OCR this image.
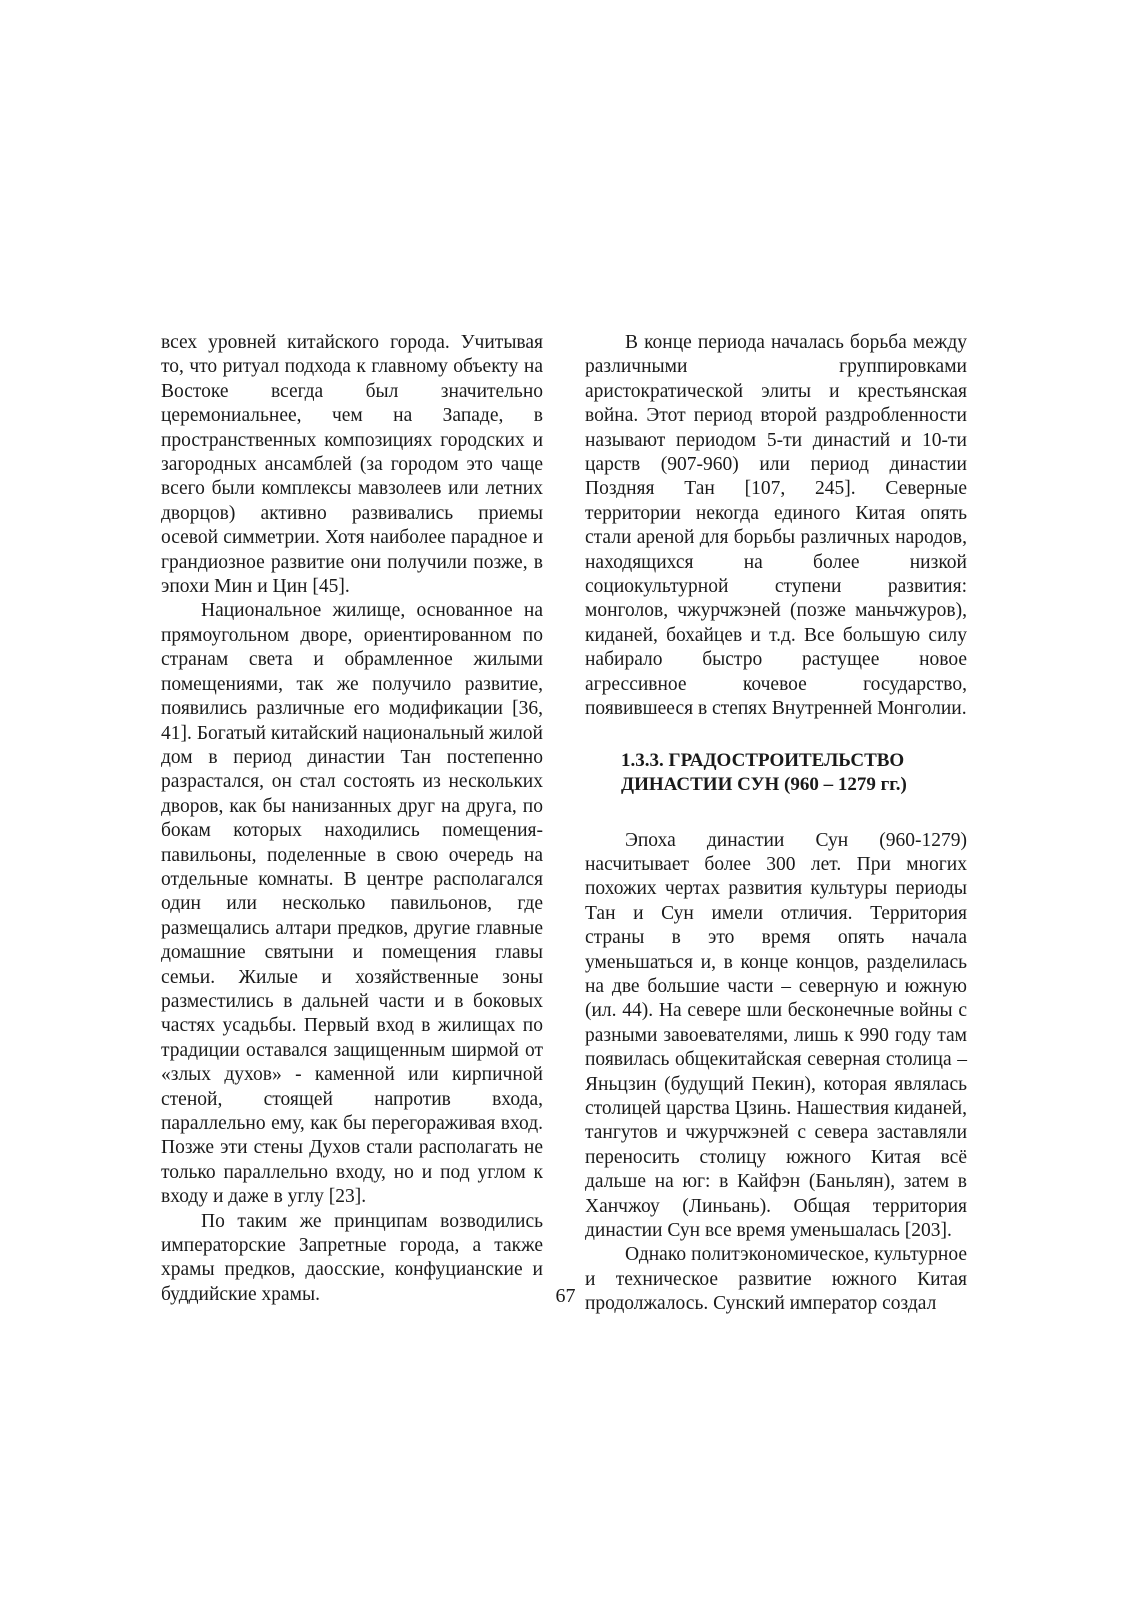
всех уровней китайского города. Учитывая то, что ритуал подхода к главному объекту на Востоке всегда был значительно церемониальнее, чем на Западе, в пространственных композициях городских и загородных ансамблей (за городом это чаще всего были комплексы мавзолеев или летних дворцов) активно развивались приемы осевой симметрии. Хотя наиболее парадное и грандиозное развитие они получили позже, в эпохи Мин и Цин [45].

Национальное жилище, основанное на прямоугольном дворе, ориентированном по странам света и обрамленное жилыми помещениями, так же получило развитие, появились различные его модификации [36, 41]. Богатый китайский национальный жилой дом в период династии Тан постепенно разрастался, он стал состоять из нескольких дворов, как бы нанизанных друг на друга, по бокам которых находились помещения-павильоны, поделенные в свою очередь на отдельные комнаты. В центре располагался один или несколько павильонов, где размещались алтари предков, другие главные домашние святыни и помещения главы семьи. Жилые и хозяйственные зоны разместились в дальней части и в боковых частях усадьбы. Первый вход в жилищах по традиции оставался защищенным ширмой от «злых духов» - каменной или кирпичной стеной, стоящей напротив входа, параллельно ему, как бы перегораживая вход. Позже эти стены Духов стали располагать не только параллельно входу, но и под углом к входу и даже в углу [23].

По таким же принципам возводились императорские Запретные города, а также храмы предков, даосские, конфуцианские и буддийские храмы.

В конце периода началась борьба между различными группировками аристократической элиты и крестьянская война. Этот период второй раздробленности называют периодом 5-ти династий и 10-ти царств (907-960) или период династии Поздняя Тан [107, 245]. Северные территории некогда единого Китая опять стали ареной для борьбы различных народов, находящихся на более низкой социокультурной ступени развития: монголов, чжурчжэней (позже маньчжуров), киданей, бохайцев и т.д. Все большую силу набирало быстро растущее новое агрессивное кочевое государство, появившееся в степях Внутренней Монголии.

1.3.3. ГРАДОСТРОИТЕЛЬСТВО
ДИНАСТИИ СУН (960 – 1279 гг.)

Эпоха династии Сун (960-1279) насчитывает более 300 лет. При многих похожих чертах развития культуры периоды Тан и Сун имели отличия. Территория страны в это время опять начала уменьшаться и, в конце концов, разделилась на две большие части – северную и южную (ил. 44). На севере шли бесконечные войны с разными завоевателями, лишь к 990 году там появилась общекитайская северная столица – Яньцзин (будущий Пекин), которая являлась столицей царства Цзинь. Нашествия киданей, тангутов и чжурчжэней с севера заставляли переносить столицу южного Китая всё дальше на юг: в Кайфэн (Баньлян), затем в Ханчжоу (Линьань). Общая территория династии Сун все время уменьшалась [203].

Однако политэкономическое, культурное и техническое развитие южного Китая продолжалось. Сунский император создал

67
